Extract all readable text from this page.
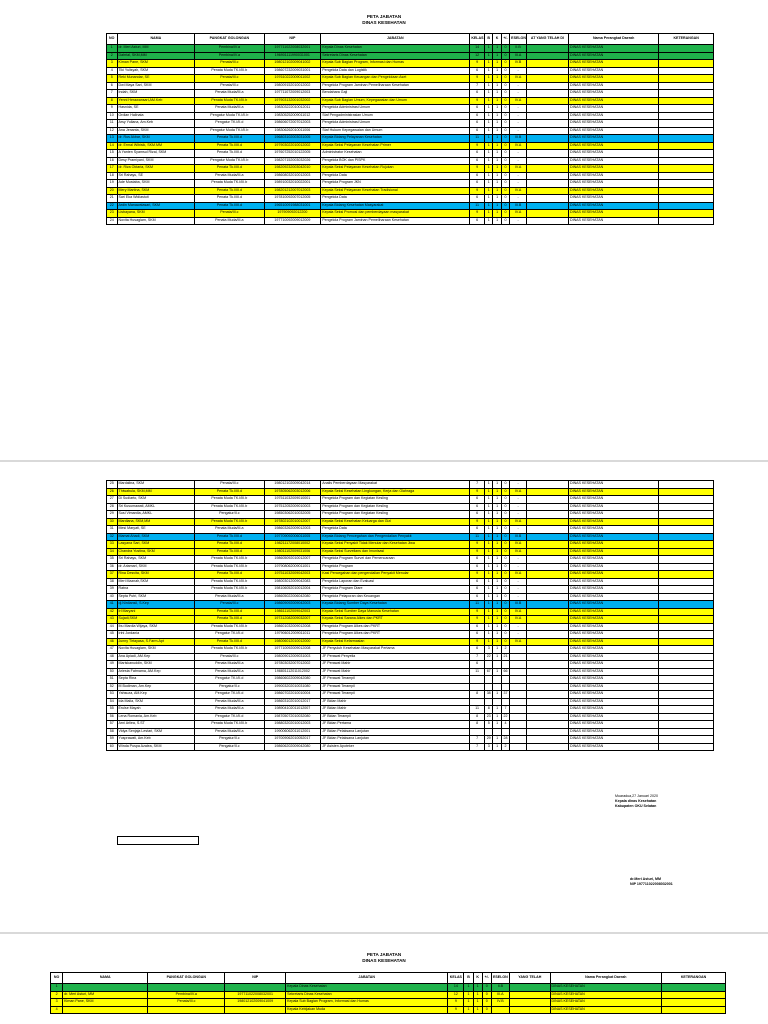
PETA JABATAN
DINAS KESEHATAN
NO	NAMA	PANGKAT GOLONGAN	NIP	JABATAN	KELAS	B	K	+/-	ESELON	AT YANG TELAH DI	Nama Perangkat Daerah	KETERANGAN
1	dr. Meri Asturi, MM	Pembina/IV.a	197711022008032001	Kepala Dinas Kesehatan	14	1	1	0	II.B		DINAS KESEHATAN	
2	Dahrial, SKM,MM	Pembina/IV.a	196901111990031001	Sekretaris Dinas Kesehatan	12	1	1	0	III.A		DINAS KESEHATAN	
3	Kiman Pane, SKM	Penata/III.c	198012102009041002	Kepala Sub Bagian Program, Informasi dan Humas	9	1	1	0	IV.B		DINAS KESEHATAN	
4	Tiki Yulisyah, SKM	Penata Muda TK.I/III.b	198607232009031001	Pengelola Data dan Logistik	6	1	1	0	-		DINAS KESEHATAN	
5	Reki Munandar, SE	Penata/III.c	197610222009011002	Kepala Sub Bagian Keuangan dan Pengelolaan Aset	9	1	1	0	IV.A		DINAS KESEHATAN	
6	Dwi Maya Sari, SKM	Penata/III.c	198009152010012002	Pengelola Program Jaminan Pemeliharaan Kesehatan	7	1	1	0	-		DINAS KESEHATAN	
7	Indah, SKM	Penata Muda/III.a	197711072009012003	Bendahara Gaji	6	1	1	0	-		DINAS KESEHATAN	
8	Yenni Herawansari,AM.Keb	Penata Muda TK.I/III.b	197903132001032002	Kepala Sub Bagian Umum, Kepegawaian dan Umum	9	1	1	0	IV.A		DINAS KESEHATAN	
9	Hasnida, SE	Penata Muda/III.a	198303222010012011	Pengelola Administrasi Umum	6	1	1	0	-		DINAS KESEHATAN	
10	Ordian Halinata	Pengatur Muda TK.I/II.b	198305252009011012	Staf Pengadministrasian Umum	6	1	1	0	-		DINAS KESEHATAN	
11	Arsy Yuliana, Am.Keb	Pengatur TK.I/II.d	198606072007012003	Pengelola Administrasi Umum	6	1	1	0	-		DINAS KESEHATAN	
12	Ana Jenanta, SKM	Pengatur Muda TK.I/II.b	198306262010011006	Staf Hukum Kepegawaian dan Umum	6	1	1	0	-		DINAS KESEHATAN	
13	dr. Rus Akbar, SKM	Penata Tk.I/III.d	196803102003031005	Kepala Bidang Pelayanan Kesehatan	11	1	1	0	III.B		DINAS KESEHATAN	
14	dr. Ermal Wibisik, SKM.MM	Penata Tk.I/III.d	197903022010012002	Kepala Seksi Pelayanan Kesehatan Primer	9	1	1	0	IV.A		DINAS KESEHATAN	
15	A Yanten Syamsul Rizal, SKM	Penata Tk.I/III.d	197607252010122005	Administrator Kesehatan	6	1	1	0	-		DINAS KESEHATAN	
16	Desy Pramiyani, SKM	Pengatur Muda TK.I/II.b	198207152003032026	Pengelola BOK dan PISPK	6	1	1	0	-		DINAS KESEHATAN	
17	dr. Riza Oktaria, SKM	Penata Tk.I/III.d	198209232003042010	Kepala Seksi Pelayanan Kesehatan Rujukan	9	1	1	0	IV.A		DINAS KESEHATAN	
18	Sri Rahayu, SE	Penata Muda/III.a	198608032010012003	Pengelola Data	6	1	1	0	-		DINAS KESEHATAN	
19	Ade Mustaba, SKM	Penata Muda TK.I/III.b	198910032010022001	Pengelola Program JKN	6	1	1	0	-		DINAS KESEHATAN	
20	Mery Martina, SKM	Penata Tk.I/III.d	198201212007012003	Kepala Seksi Pelayanan Kesehatan Tradisional	9	1	1	0	IV.A		DINAS KESEHATAN	
21	Sari Eka Widiastuti	Penata Tk.I/III.d	197810092007012005	Pengelola Data	6	1	1	0	-		DINAS KESEHATAN	
22	Ardin Manawatasari, SKM	Penata Tk.I/III.d	196510091988031001	Kepala Bidang Kesehatan Masyarakat	11	1	1	0	III.B		DINAS KESEHATAN	
23	Lisbayana, SKM	Penata/III.c	197909092012200	Kepala Seksi Promosi dan pemberdayaan masyarakat	9	1	1	0	IV.A		DINAS KESEHATAN	
24	Novita Husaglam, SKM	Penata Muda/III.a	197710092009012009	Pengelola Program Jaminan Pemeliharaan Kesehatan	6	1	1	0	-		DINAS KESEHATAN	
25	Mardalina, SKM	Penata/III.c	198012102009042014	Analis Pemberdayaan Masyarakat	7	1	1	0	-		DINAS KESEHATAN	
26	Thiwabula, SKM,MM	Penata Tk.I/III.d	197805062003012006	Kepala Seksi Kesehatan Lingkungan, Kerja dan Olahraga	9	1	1	0	IV.A		DINAS KESEHATAN	
27	Di Sudiarto, SKM	Penata Muda TK.I/III.b	197511032009010001	Pengelola Program dan Kegiatan Kesling	6	1	1	0	-		DINAS KESEHATAN	
28	Sri Kusumawati, AMKL	Penata Muda TK.I/III.b	197512052009010003	Pengelola Program dan Kegiatan Kesling	6	1	1	0	-		DINAS KESEHATAN	
29	Susi Vimardia, AMKL	Pengatur/II.c	198503062010032005	Pengelola Program dan Kegiatan Kesling	6	1	1	0	-		DINAS KESEHATAN	
30	Mardiana, SKM,MM	Penata Muda TK.I/III.b	197802102010012007	Kepala Seksi Kesehatan Keluarga dan Gizi	9	1	1	0	IV.A		DINAS KESEHATAN	
31	Mesi Maryati, SE	Penata Muda/III.a	198603262009012003	Pengelola Data	6	1	1	0	-		DINAS KESEHATAN	
32	Mamat Ahadi, SKM	Penata Tk.I/III.d	197709092006011005	Kepala Bidang Pencegahan dan Pengendalian Penyakit	11	1	1	0	III.B		DINAS KESEHATAN	
33	Lasyana Sari, SKM	Penata Tk.I/III.d	198211172008010002	Kepala Seksi Penyakit Tidak Menular dan Kesehatan Jiwa	9	1	1	0	IV.A		DINAS KESEHATAN	
34	Chandra Yustina, SKM	Penata Tk.I/III.d	198011102009031006	Kepala Seksi Surveilans dan Imunisasi	9	1	1	0	IV.A		DINAS KESEHATAN	
35	Sri Rahayu, SKM	Penata Muda TK.I/III.b	198605092010012007	Pengelola Program Survei dan Pemencaraan	6	1	1	0	-		DINAS KESEHATAN	
36	dr. Ariamarl, SKM	Penata Muda TK.I/III.b	197908062009011001	Pengelola Program	6	1	1	0	-		DINAS KESEHATAN	
37	Rina Desvita, SKM	Penata Tk.I/III.d	197511032009042003	Kasi Pencegahan dan pengendalian Penyakit Menular	9	1	1	0	IV.A		DINAS KESEHATAN	
38	Meri Maznah,SKM	Penata Muda TK.I/III.b	198003012009042083	Pengelola Laporan dan Evaluasi	6	1	1	0	-		DINAS KESEHATAN	
39	Ratna	Penata Muda TK.I/III.b	198106052010012004	Pengelola Program Diare	6	1	1	0	-		DINAS KESEHATAN	
40	Septa Putri, SKM	Penata Muda/III.a	198605022006042080	Pengelola Pelaporan dan Keuangan	6	1	1	0	-		DINAS KESEHATAN	
41	dj.Nirdiansil, S.Kep	Penata/III.c	198609092009042003	Kepala Bidang Sumber Daya Kesehatan	11	1	1	0	III.B		DINAS KESEHATAN	
42	Irl Maryani	Penata Tk.I/III.d	198611102009042003	Kepala Seksi Sumber Daya Manusia Kesehatan	9	1	1	0	IV.A		DINAS KESEHATAN	
43	Sujadi,SKM	Penata Tk.I/III.d	197312082009032007	Kepala Seksi Sarana Alkes dan PKRT	9	1	1	0	IV.A		DINAS KESEHATAN	
44	Ibu Mardia Wijaya, SKM	Penata Muda TK.I/III.b	198601032009012008	Pengelola Program Alkes dan PKRT	6	1	1	0	-		DINAS KESEHATAN	
45	Irini Jordania	Pengatur TK.I/II.d	197906012009011011	Pengelola Program Alkes dan PKRT	6	1	1	0	-		DINAS KESEHATAN	
46	Junny Tirtayasa, S.Farm.Apt	Penata Tk.I/III.d	198006012010012000	Kepala Seksi Kefarmasian	9	1	1	0	IV.A		DINAS KESEHATAN	
47	Novita Husaglam, SKM	Penata Muda TK.I/III.b	197710092009012008	JF Penyuluh Kesehatan Masyarakat Pertama	6	3	1	2			DINAS KESEHATAN	
48	Ana Apiadi, AM.Kep	Penata/III.c	198009012009031003	JF Perawat Penyelia	7	22	1	21			DINAS KESEHATAN	
49	Mariskanuddin, SKM	Penata Muda/III.a	197803032007012002	JF Perawat Mahir	6						DINAS KESEHATAN	
50	Ariesta Fatmama, AM.Kep	Penata Muda/III.a	198801112011012002	JF Perawat Mahir	11	67	1	66			DINAS KESEHATAN	
51	Septa Rina	Pengatur TK.I/II.d	198606022009042080	JF Perawat Terampil							DINAS KESEHATAN	
52	M Budiman, Am.Kep	Pengatur/II.c	199003202010031080	JF Perawat Terampil							DINAS KESEHATAN	
53	Yahsuza, AM.Kep	Pengatur TK.I/II.d	198607022010010004	JF Perawat Terampil	8	38	1	37			DINAS KESEHATAN	
54	Ida Malia, SKM	Penata Muda/III.a	198603102010012017	JF Bidan Mahir							DINAS KESEHATAN	
55	Erulse Mayah	Penata Muda/III.a	198904102011012007	JF Bidan Mahir	11	8	1	7			DINAS KESEHATAN	
56	Lena Romania, Am.Keb	Pengatur TK.I/II.d	198705072010032080	JF Bidan Terampil	8	23	1	22			DINAS KESEHATAN	
57	Arni Arliea, S.ST	Penata Muda TK.I/III.b	198803202010012003	JF Bidan Pertama	8	5	1	4			DINAS KESEHATAN	
58	Vidya Senjaja Lestari, SKM	Penata Muda/III.a	199006062011012001	JF Bidan Pelaksana Lanjutan							DINAS KESEHATAN	
59	Yusprawati, Am.Keb	Pengatur/II.c	197009062010052017	JF Bidan Pelaksana Lanjutan	7	29	1	28			DINAS KESEHATAN	
60	Winda Puspa Azalea, SKM	Pengatur/II.c	198606202009042080	JF Asisten Apoteker	7	3	1	2			DINAS KESEHATAN	
Muaradua,27 Januari 2020
Kepala dinas Kesehatan
Kabupaten OKU Selatan
dr.Meri Asturi, MM
NIP 197711022008032001
PETA JABATAN
DINAS KESEHATAN
NO	NAMA	PANGKAT GOLONGAN	NIP	JABATAN	KELAS	B	K	+/-	ESELON	YANG TELAH	Nama Perangkat Daerah	KETERANGAN
1				Kepala Dinas Kesehatan	14	1	1	0	II.B		DINAS KESEHATAN	
2	dr. Meri Asturi, MM	Pembina/IV.a	197711022008032001	Sekretaris Dinas Kesehatan	12	1	1	0	III.A		DINAS KESEHATAN	
3	Kiman Pane, SKM	Penata/III.c	198012102009041009	Kepala Sub Bagian Program, Informasi dan Humas	9	1	1	0	IV.B		DINAS KESEHATAN	
4				Kepala Kebijakan Muda	9	1	1	0			DINAS KESEHATAN	
